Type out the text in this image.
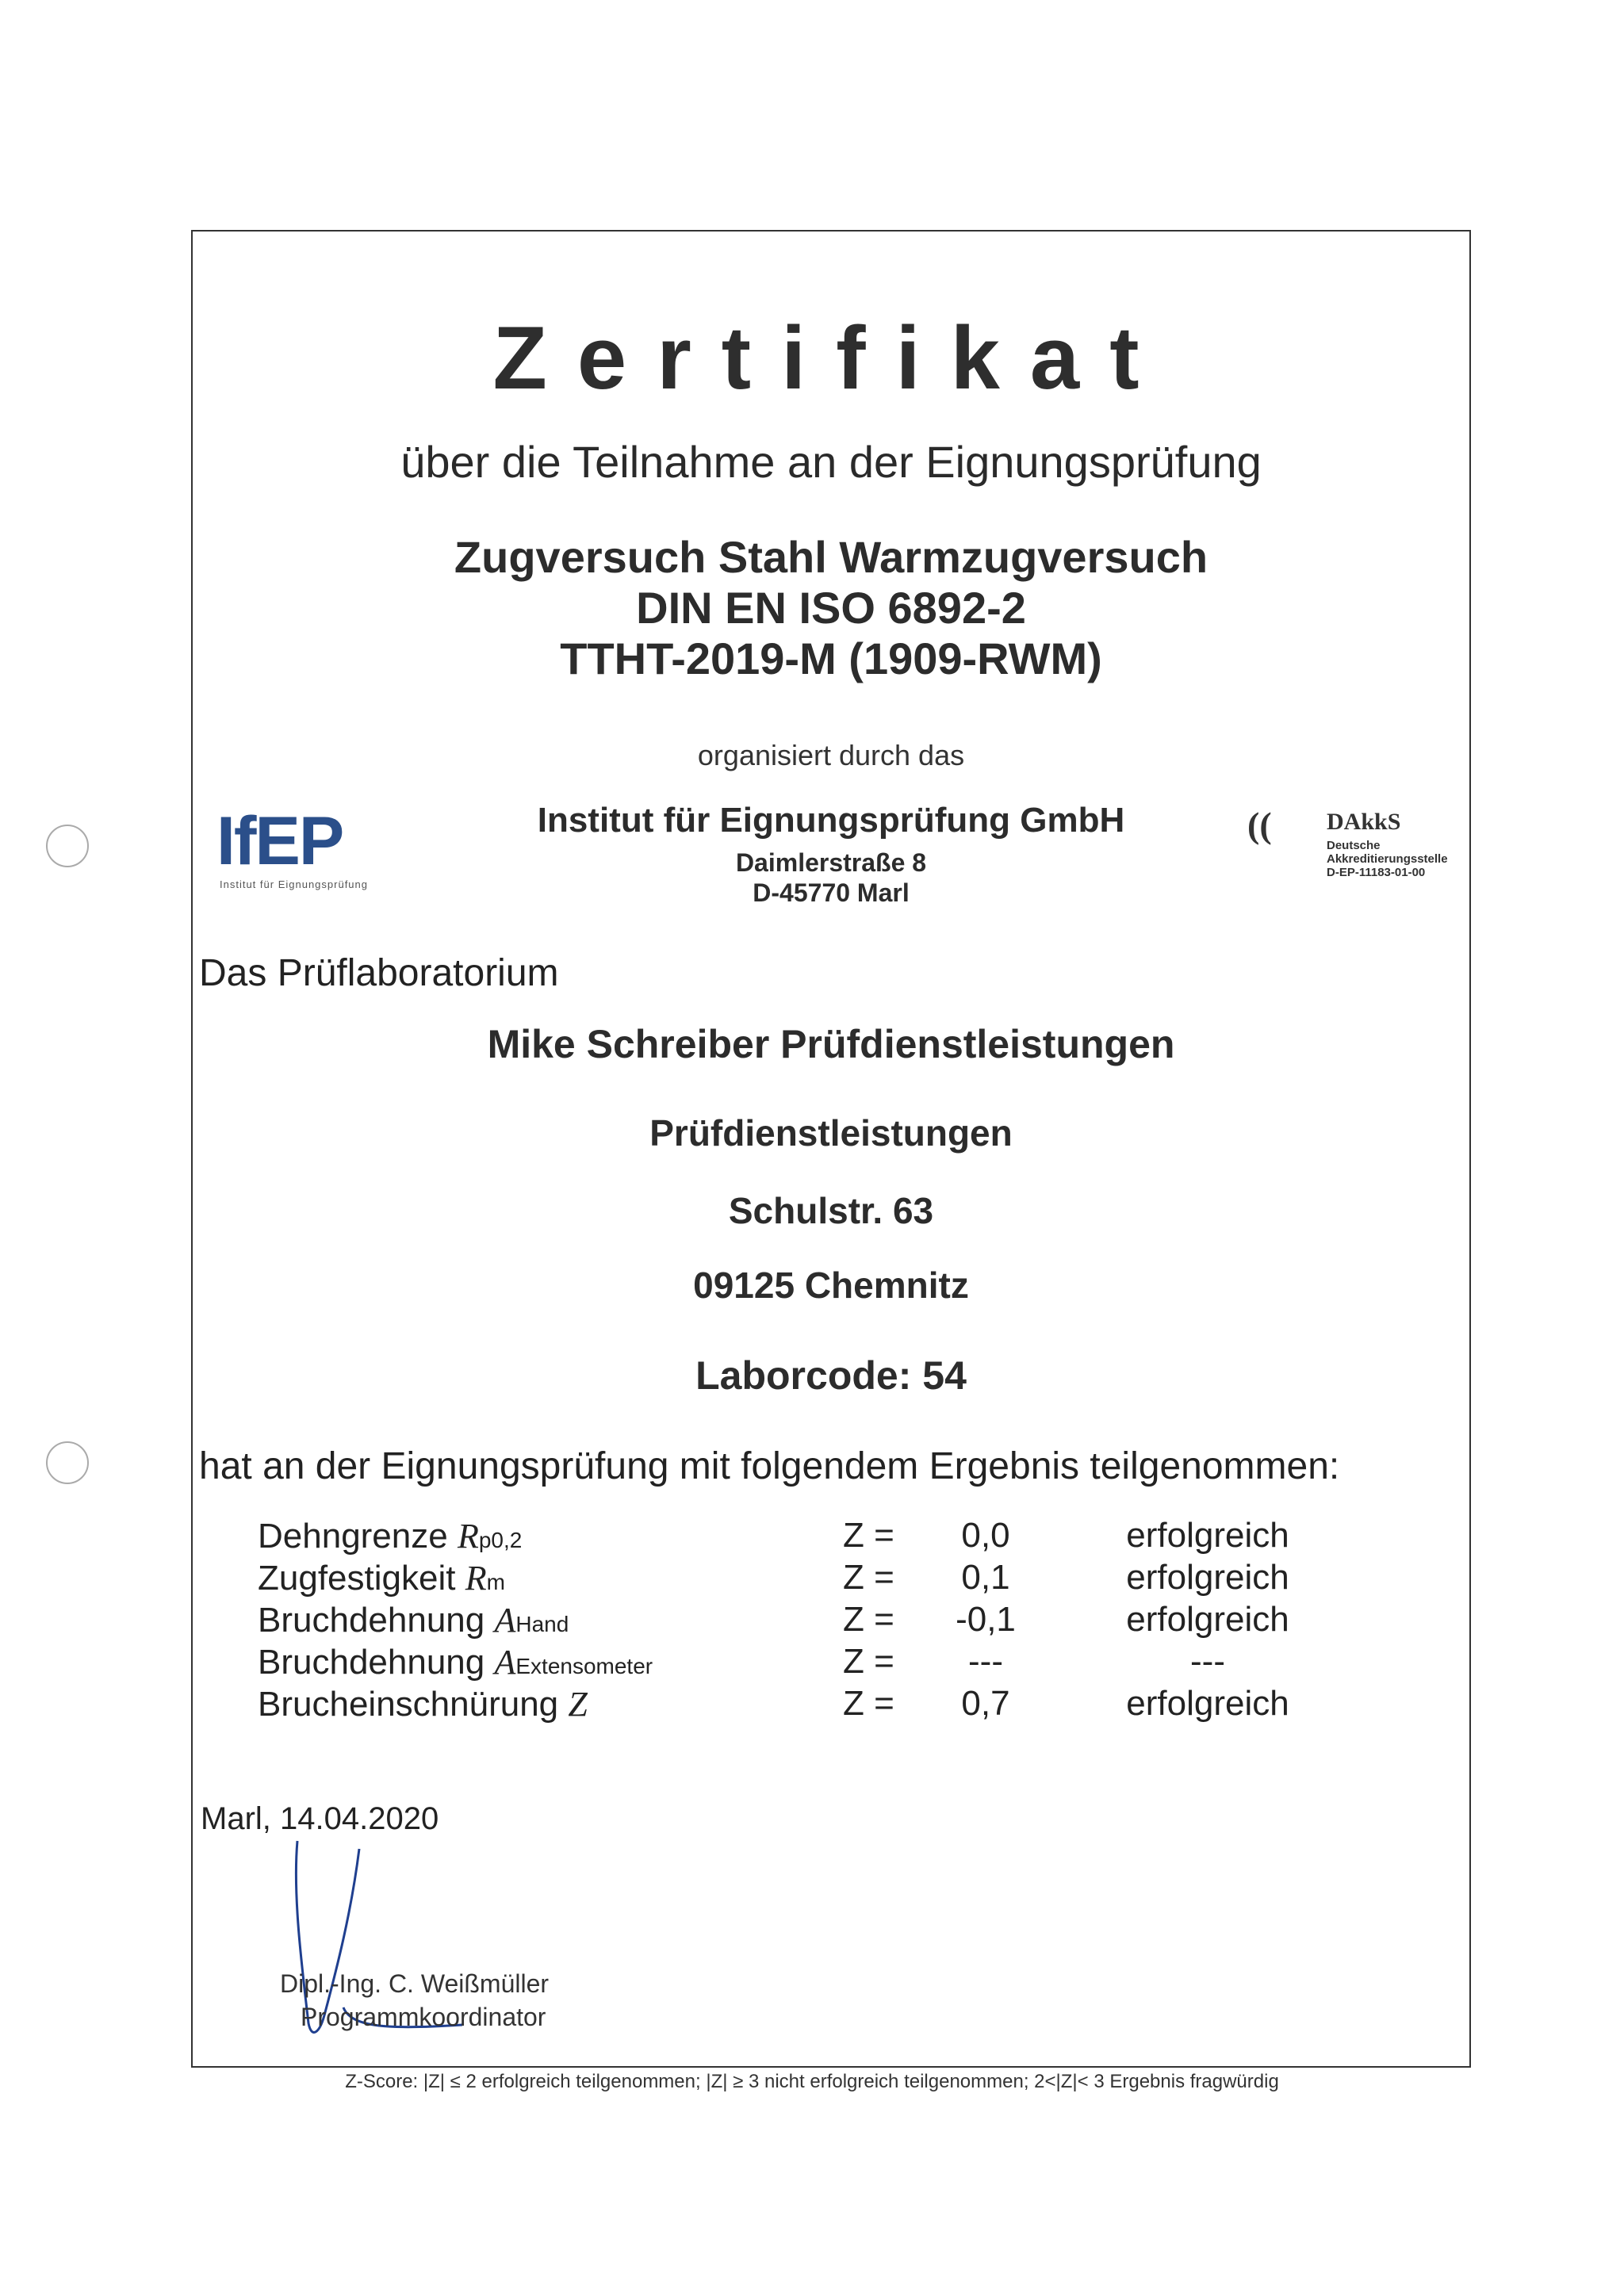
Zertifikat
über die Teilnahme an der Eignungsprüfung
Zugversuch Stahl Warmzugversuch
DIN EN ISO 6892-2
TTHT-2019-M (1909-RWM)
organisiert durch das
IfEP
Institut für Eignungsprüfung
Institut für Eignungsprüfung GmbH
Daimlerstraße 8
D-45770 Marl
(( DAkkS
Deutsche
Akkreditierungsstelle
D-EP-11183-01-00
Das Prüflaboratorium
Mike Schreiber Prüfdienstleistungen
Prüfdienstleistungen
Schulstr. 63
09125 Chemnitz
Laborcode: 54
hat an der Eignungsprüfung mit folgendem Ergebnis teilgenommen:
Dehngrenze Rp0,2	Z =	0,0	erfolgreich
Zugfestigkeit Rm	Z =	0,1	erfolgreich
Bruchdehnung AHand	Z =	-0,1	erfolgreich
Bruchdehnung AExtensometer	Z =	---	---
Brucheinschnürung Z	Z =	0,7	erfolgreich
Marl, 14.04.2020
Dipl.-Ing. C. Weißmüller
Programmkoordinator
Z-Score: |Z| ≤ 2 erfolgreich teilgenommen; |Z| ≥ 3 nicht erfolgreich teilgenommen; 2<|Z|< 3 Ergebnis fragwürdig
